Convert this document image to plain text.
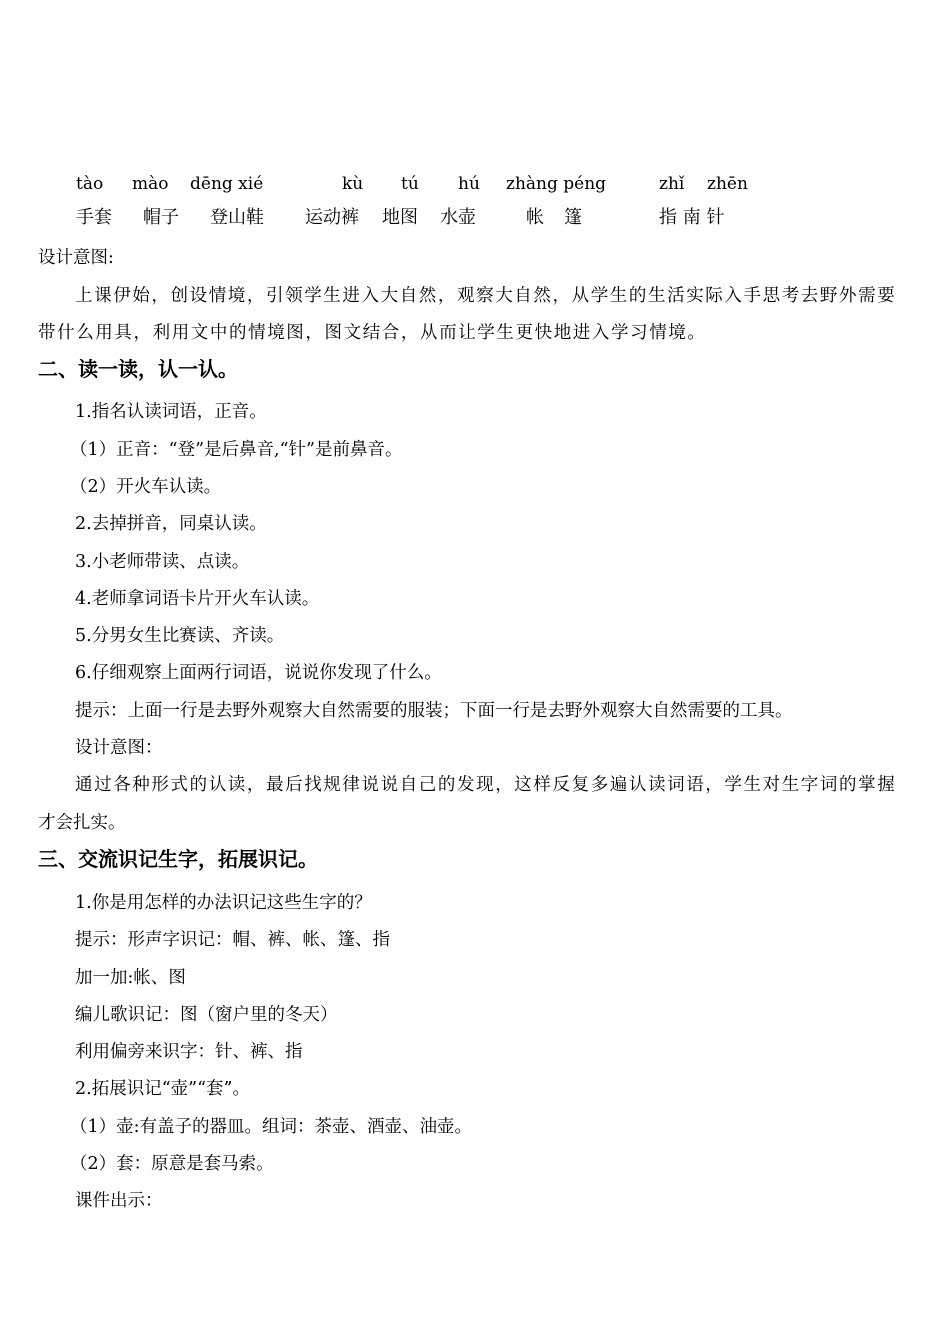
tào mào dēng xié	kù tú hú zhàng péng	zhǐ zhēn
手套 帽子 登山鞋 运动裤 地图 水壶	帐 篷	指 南 针
设计意图:
上课伊始，创设情境，引领学生进入大自然，观察大自然，从学生的生活实际入手思考去野外需要
带什么用具，利用文中的情境图，图文结合，从而让学生更快地进入学习情境。
二、读一读，认一认。
1.指名认读词语，正音。
（1）正音：“登”是后鼻音,“针”是前鼻音。
（2）开火车认读。
2.去掉拼音，同桌认读。
3.小老师带读、点读。
4.老师拿词语卡片开火车认读。
5.分男女生比赛读、齐读。
6.仔细观察上面两行词语，说说你发现了什么。
提示：上面一行是去野外观察大自然需要的服装；下面一行是去野外观察大自然需要的工具。
设计意图：
通过各种形式的认读，最后找规律说说自己的发现，这样反复多遍认读词语，学生对生字词的掌握
才会扎实。
三、交流识记生字，拓展识记。
1.你是用怎样的办法识记这些生字的？
提示：形声字识记：帽、裤、帐、篷、指
加一加:帐、图
编儿歌识记：图（窗户里的冬天）
利用偏旁来识字：针、裤、指
2.拓展识记“壶”“套”。
（1）壶:有盖子的器皿。组词：茶壶、酒壶、油壶。
（2）套：原意是套马索。
课件出示：
